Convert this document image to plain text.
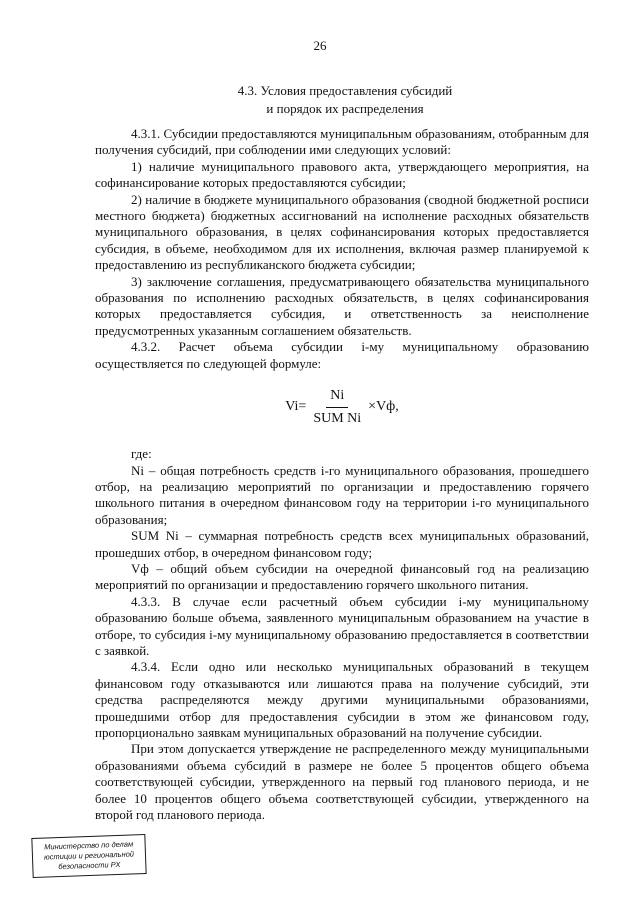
26
4.3. Условия предоставления субсидий
и порядок их распределения

4.3.1. Субсидии предоставляются муниципальным образованиям, отобранным для получения субсидий, при соблюдении ими следующих условий:

1) наличие муниципального правового акта, утверждающего мероприятия, на софинансирование которых предоставляются субсидии;

2) наличие в бюджете муниципального образования (сводной бюджетной росписи местного бюджета) бюджетных ассигнований на исполнение расходных обязательств муниципального образования, в целях софинансирования которых предоставляется субсидия, в объеме, необходимом для их исполнения, включая размер планируемой к предоставлению из республиканского бюджета субсидии;

3) заключение соглашения, предусматривающего обязательства муниципального образования по исполнению расходных обязательств, в целях софинансирования которых предоставляется субсидия, и ответственность за неисполнение предусмотренных указанным соглашением обязательств.

4.3.2. Расчет объема субсидии i-му муниципальному образованию осуществляется по следующей формуле:

$Vi= \frac{Ni}{\text{SUM Ni}} \times Vф$,

где:

Ni – общая потребность средств i-го муниципального образования, прошедшего отбор, на реализацию мероприятий по организации и предоставлению горячего школьного питания в очередном финансовом году на территории i-го муниципального образования;

SUM Ni – суммарная потребность средств всех муниципальных образований, прошедших отбор, в очередном финансовом году;

Vф – общий объем субсидии на очередной финансовый год на реализацию мероприятий по организации и предоставлению горячего школьного питания.

4.3.3. В случае если расчетный объем субсидии i-му муниципальному образованию больше объема, заявленного муниципальным образованием на участие в отборе, то субсидия i-му муниципальному образованию предоставляется в соответствии с заявкой.

4.3.4. Если одно или несколько муниципальных образований в текущем финансовом году отказываются или лишаются права на получение субсидий, эти средства распределяются между другими муниципальными образованиями, прошедшими отбор для предоставления субсидии в этом же финансовом году, пропорционально заявкам муниципальных образований на получение субсидии.

При этом допускается утверждение не распределенного между муниципальными образованиями объема субсидий в размере не более 5 процентов общего объема соответствующей субсидии, утвержденного на первый год планового периода, и не более 10 процентов общего объема соответствующей субсидии, утвержденного на второй год планового периода.

Министерство по делам
юстиции и региональной
безопасности РХ
